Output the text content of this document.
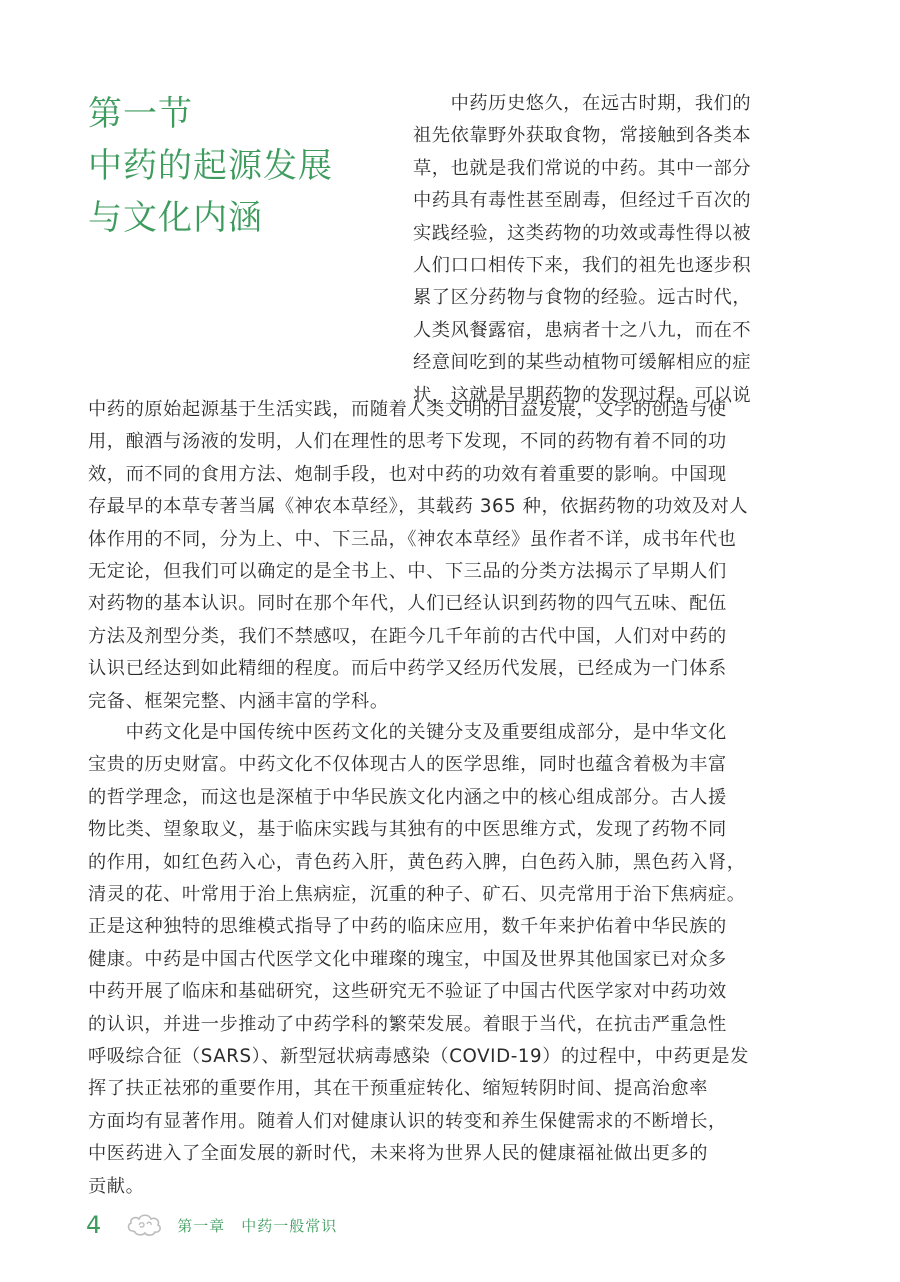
第一节
中药的起源发展
与文化内涵
　　中药历史悠久，在远古时期，我们的
祖先依靠野外获取食物，常接触到各类本
草，也就是我们常说的中药。其中一部分
中药具有毒性甚至剧毒，但经过千百次的
实践经验，这类药物的功效或毒性得以被
人们口口相传下来，我们的祖先也逐步积
累了区分药物与食物的经验。远古时代，
人类风餐露宿，患病者十之八九，而在不
经意间吃到的某些动植物可缓解相应的症
状，这就是早期药物的发现过程。可以说
中药的原始起源基于生活实践，而随着人类文明的日益发展，文字的创造与使
用，酿酒与汤液的发明，人们在理性的思考下发现，不同的药物有着不同的功
效，而不同的食用方法、炮制手段，也对中药的功效有着重要的影响。中国现
存最早的本草专著当属《神农本草经》，其载药 365 种，依据药物的功效及对人
体作用的不同，分为上、中、下三品，《神农本草经》虽作者不详，成书年代也
无定论，但我们可以确定的是全书上、中、下三品的分类方法揭示了早期人们
对药物的基本认识。同时在那个年代，人们已经认识到药物的四气五味、配伍
方法及剂型分类，我们不禁感叹，在距今几千年前的古代中国，人们对中药的
认识已经达到如此精细的程度。而后中药学又经历代发展，已经成为一门体系
完备、框架完整、内涵丰富的学科。
　　中药文化是中国传统中医药文化的关键分支及重要组成部分，是中华文化
宝贵的历史财富。中药文化不仅体现古人的医学思维，同时也蕴含着极为丰富
的哲学理念，而这也是深植于中华民族文化内涵之中的核心组成部分。古人援
物比类、望象取义，基于临床实践与其独有的中医思维方式，发现了药物不同
的作用，如红色药入心，青色药入肝，黄色药入脾，白色药入肺，黑色药入肾，
清灵的花、叶常用于治上焦病症，沉重的种子、矿石、贝壳常用于治下焦病症。
正是这种独特的思维模式指导了中药的临床应用，数千年来护佑着中华民族的
健康。中药是中国古代医学文化中璀璨的瑰宝，中国及世界其他国家已对众多
中药开展了临床和基础研究，这些研究无不验证了中国古代医学家对中药功效
的认识，并进一步推动了中药学科的繁荣发展。着眼于当代，在抗击严重急性
呼吸综合征（SARS）、新型冠状病毒感染（COVID-19）的过程中，中药更是发
挥了扶正祛邪的重要作用，其在干预重症转化、缩短转阴时间、提高治愈率
方面均有显著作用。随着人们对健康认识的转变和养生保健需求的不断增长，
中医药进入了全面发展的新时代，未来将为世界人民的健康福祉做出更多的
贡献。
4	第一章　中药一般常识
